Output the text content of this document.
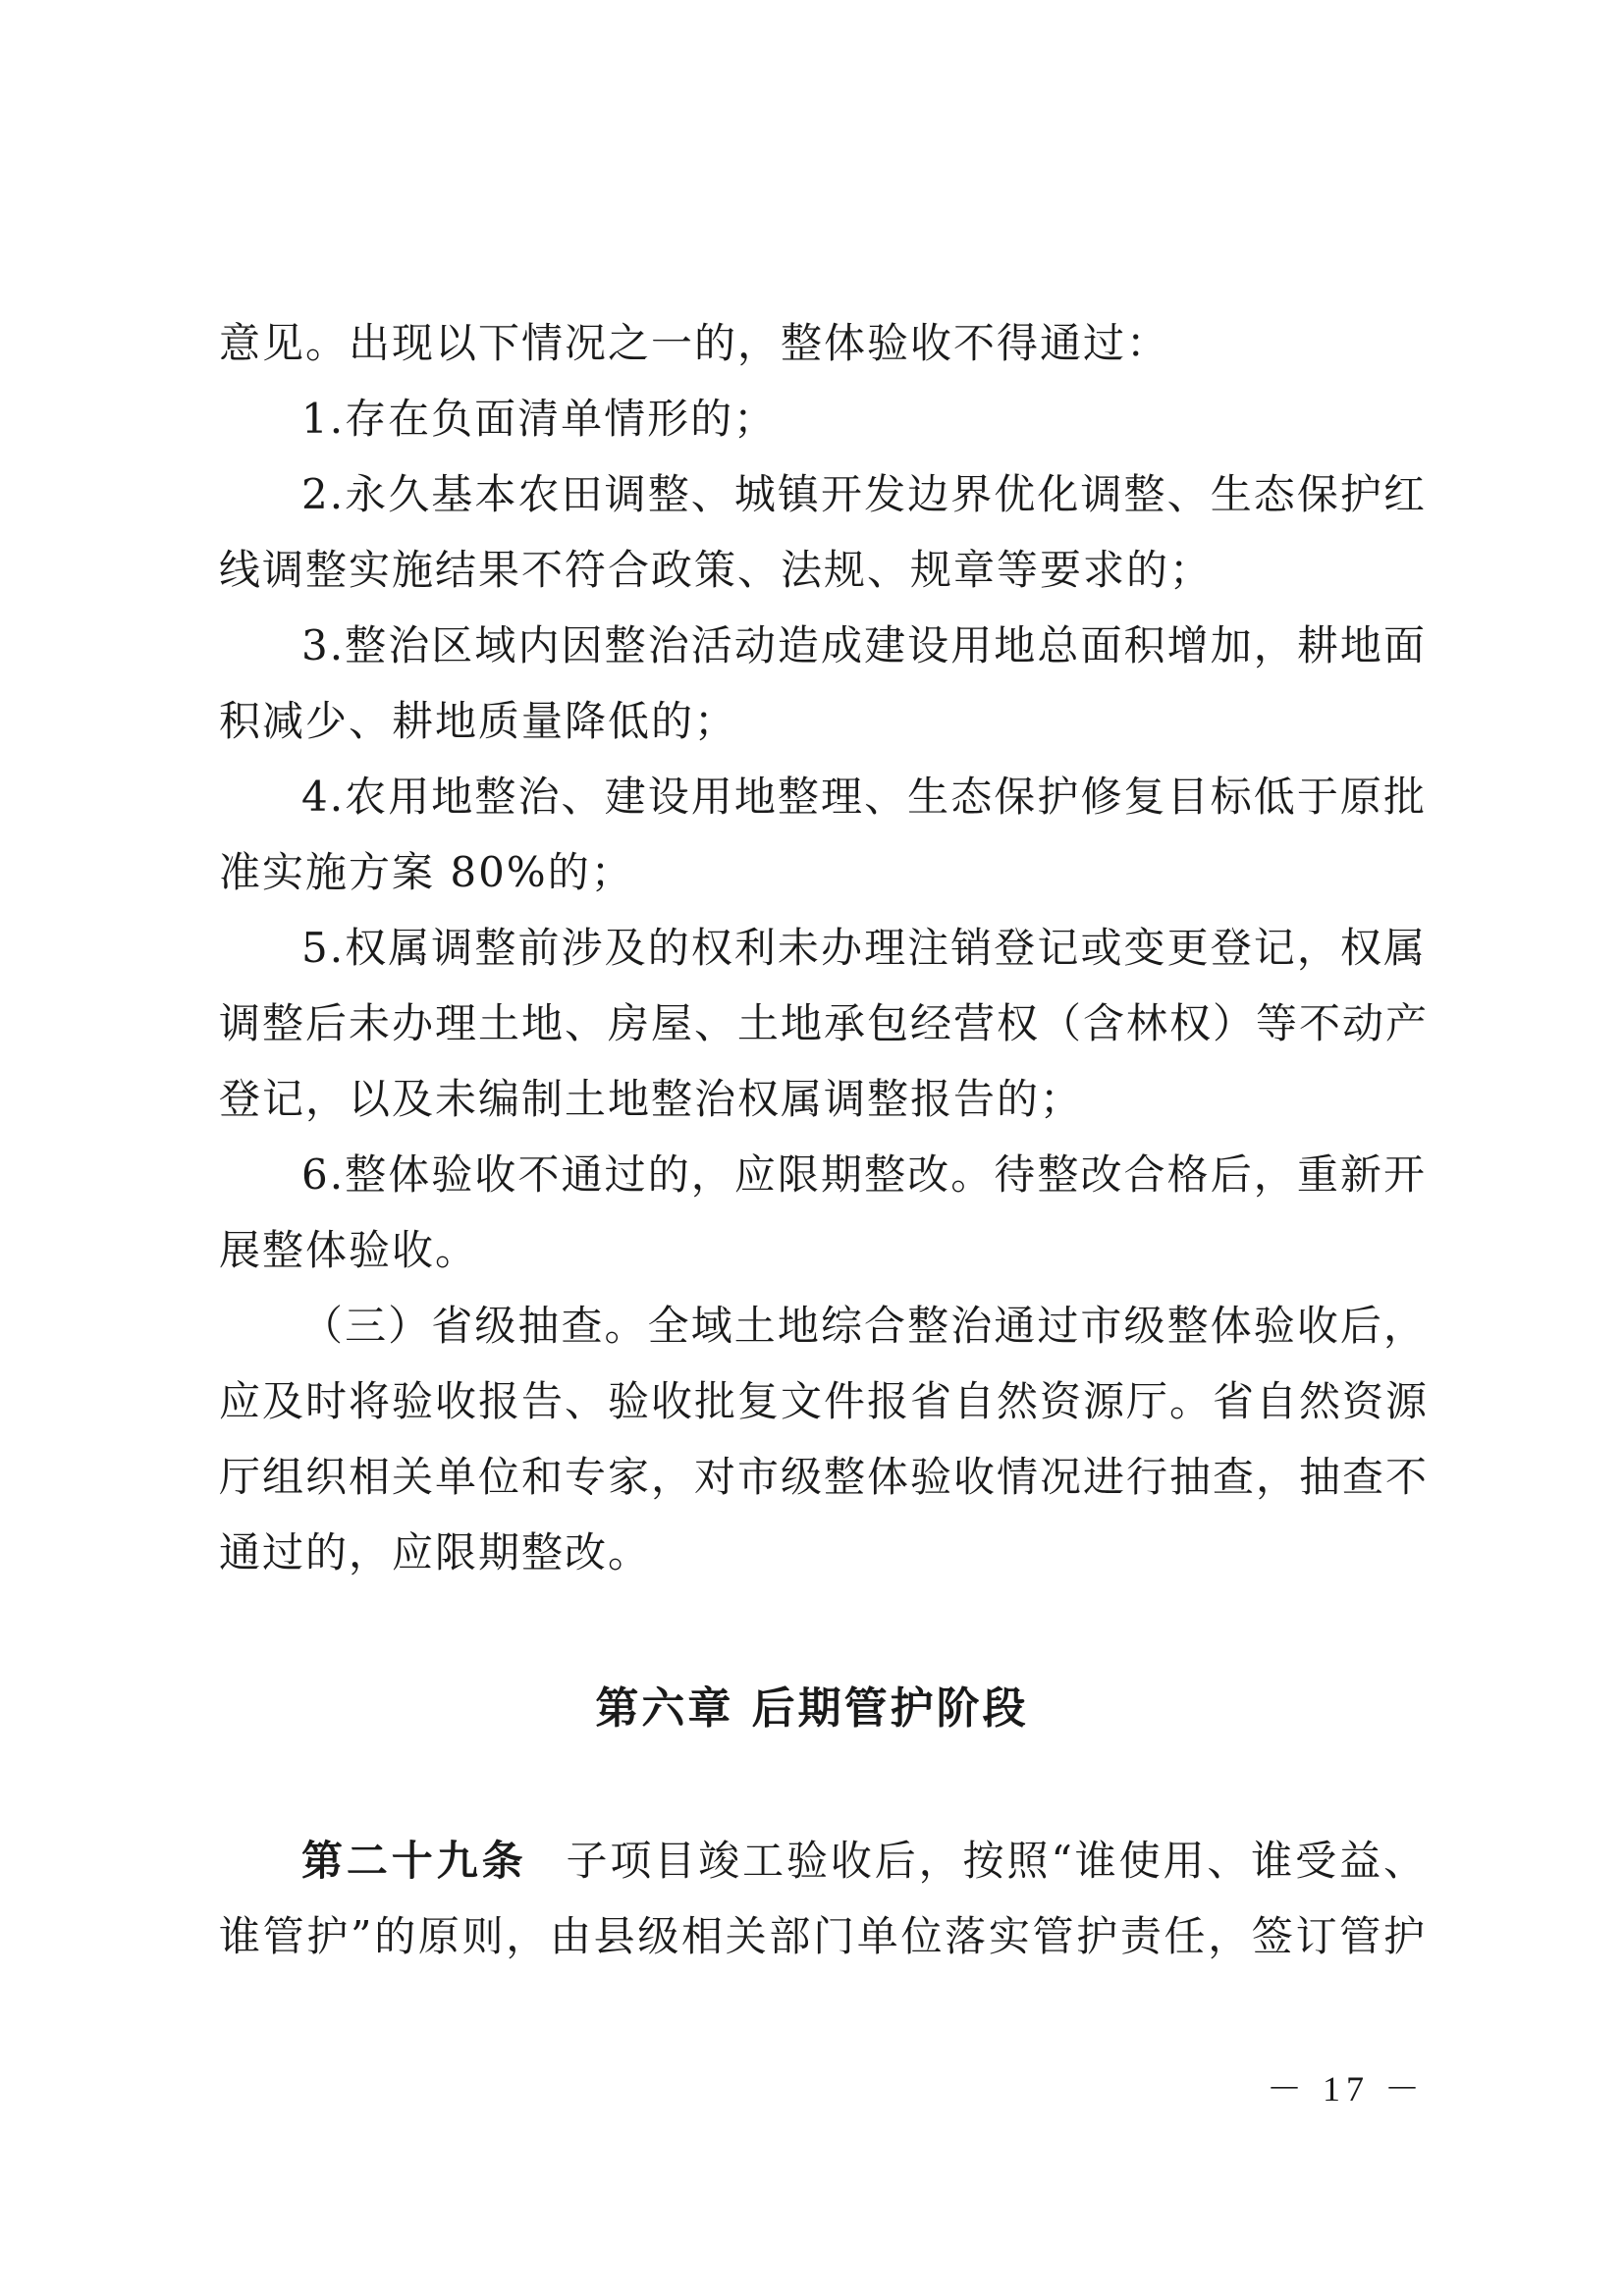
意见。出现以下情况之一的，整体验收不得通过：
1.存在负面清单情形的；
2.永久基本农田调整、城镇开发边界优化调整、生态保护红
线调整实施结果不符合政策、法规、规章等要求的；
3.整治区域内因整治活动造成建设用地总面积增加，耕地面
积减少、耕地质量降低的；
4.农用地整治、建设用地整理、生态保护修复目标低于原批
准实施方案 80%的；
5.权属调整前涉及的权利未办理注销登记或变更登记，权属
调整后未办理土地、房屋、土地承包经营权（含林权）等不动产
登记，以及未编制土地整治权属调整报告的；
6.整体验收不通过的，应限期整改。待整改合格后，重新开
展整体验收。
（三）省级抽查。全域土地综合整治通过市级整体验收后，
应及时将验收报告、验收批复文件报省自然资源厅。省自然资源
厅组织相关单位和专家，对市级整体验收情况进行抽查，抽查不
通过的，应限期整改。
第六章 后期管护阶段
第二十九条 子项目竣工验收后，按照“谁使用、谁受益、
谁管护”的原则，由县级相关部门单位落实管护责任，签订管护
－ 17 －
